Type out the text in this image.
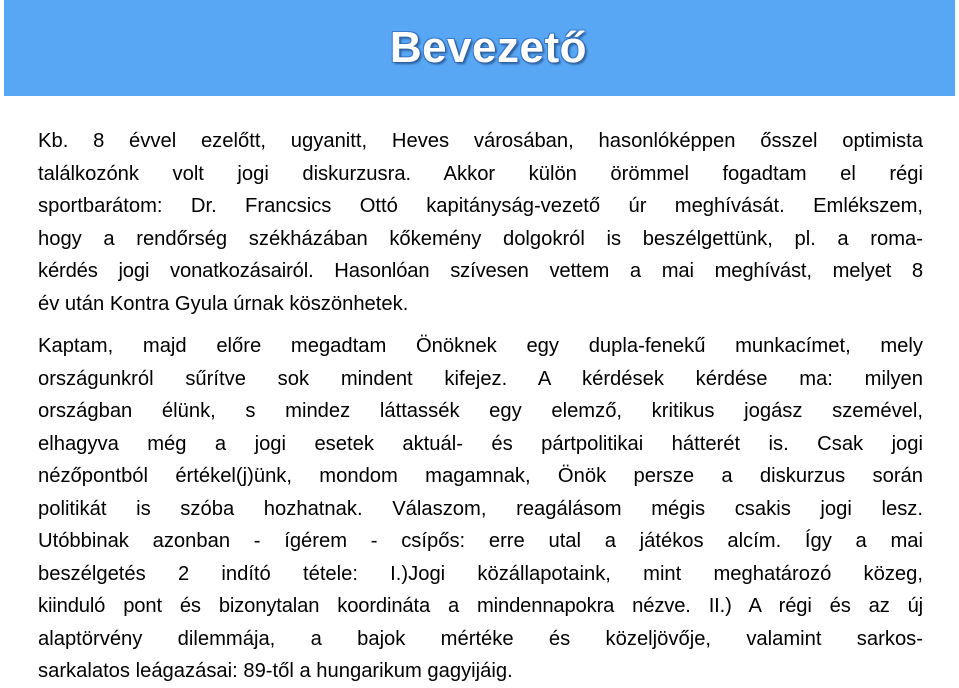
Bevezető
Kb. 8 évvel ezelőtt, ugyanitt, Heves városában, hasonlóképpen ősszel optimista
találkozónk volt jogi diskurzusra. Akkor külön örömmel fogadtam el régi
sportbarátom: Dr. Francsics Ottó kapitányság-vezető úr meghívását. Emlékszem,
hogy a rendőrség székházában kőkemény dolgokról is beszélgettünk, pl. a roma-
kérdés jogi vonatkozásairól. Hasonlóan szívesen vettem a mai meghívást, melyet 8
év után Kontra Gyula úrnak köszönhetek.
Kaptam, majd előre megadtam Önöknek egy dupla-fenekű munkacímet, mely
országunkról sűrítve sok mindent kifejez. A kérdések kérdése ma: milyen
országban élünk, s mindez láttassék egy elemző, kritikus jogász szemével,
elhagyva még a jogi esetek aktuál- és pártpolitikai hátterét is. Csak jogi
nézőpontból értékel(j)ünk, mondom magamnak, Önök persze a diskurzus során
politikát is szóba hozhatnak. Válaszom, reagálásom mégis csakis jogi lesz.
Utóbbinak azonban - ígérem - csípős: erre utal a játékos alcím. Így a mai
beszélgetés 2 indító tétele: I.)Jogi közállapotaink, mint meghatározó közeg,
kiinduló pont és bizonytalan koordináta a mindennapokra nézve. II.) A régi és az új
alaptörvény dilemmája, a bajok mértéke és közeljövője, valamint sarkos-
sarkalatos leágazásai: 89-től a hungarikum gagyijáig.
